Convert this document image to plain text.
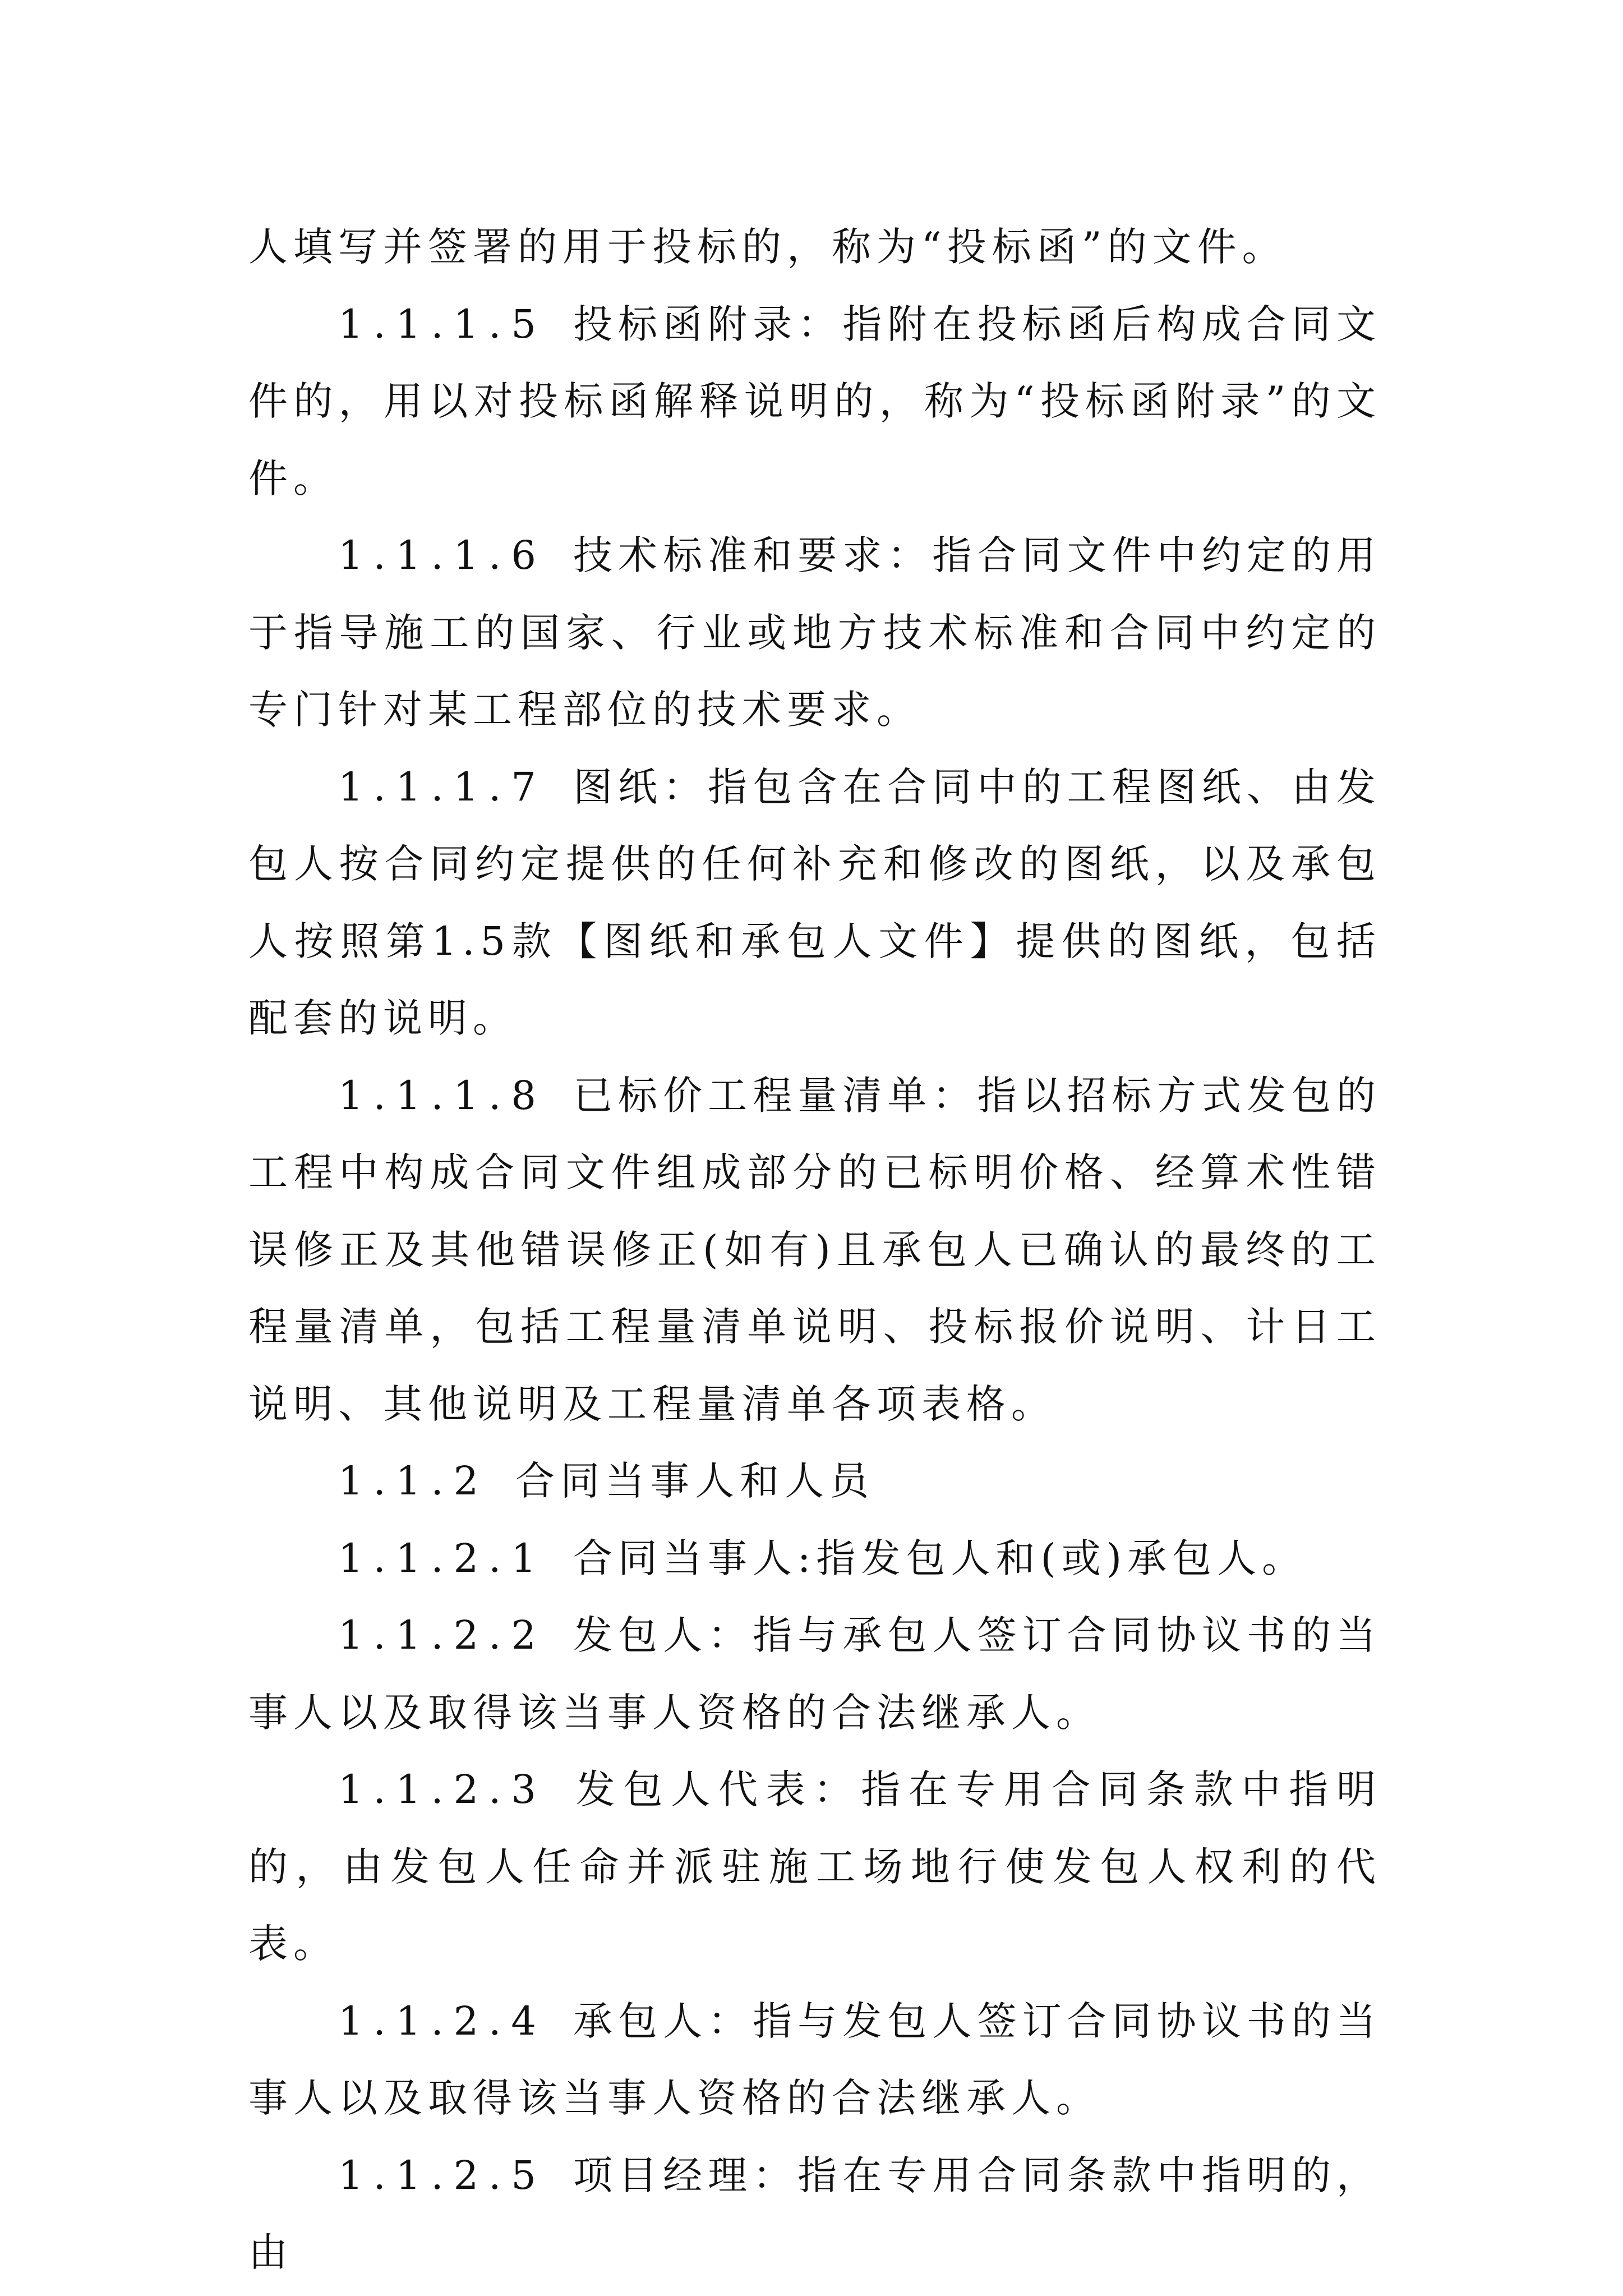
人填写并签署的用于投标的，称为“投标函”的文件。

1.1.1.5 投标函附录：指附在投标函后构成合同文件的，用以对投标函解释说明的，称为“投标函附录”的文件。

1.1.1.6 技术标准和要求：指合同文件中约定的用于指导施工的国家、行业或地方技术标准和合同中约定的专门针对某工程部位的技术要求。

1.1.1.7 图纸：指包含在合同中的工程图纸、由发包人按合同约定提供的任何补充和修改的图纸，以及承包人按照第1.5款【图纸和承包人文件】提供的图纸，包括配套的说明。

1.1.1.8 已标价工程量清单：指以招标方式发包的工程中构成合同文件组成部分的已标明价格、经算术性错误修正及其他错误修正(如有)且承包人已确认的最终的工程量清单，包括工程量清单说明、投标报价说明、计日工说明、其他说明及工程量清单各项表格。

1.1.2 合同当事人和人员

1.1.2.1 合同当事人:指发包人和(或)承包人。

1.1.2.2 发包人：指与承包人签订合同协议书的当事人以及取得该当事人资格的合法继承人。

1.1.2.3 发包人代表：指在专用合同条款中指明的，由发包人任命并派驻施工场地行使发包人权利的代表。

1.1.2.4 承包人：指与发包人签订合同协议书的当事人以及取得该当事人资格的合法继承人。

1.1.2.5 项目经理：指在专用合同条款中指明的，由
